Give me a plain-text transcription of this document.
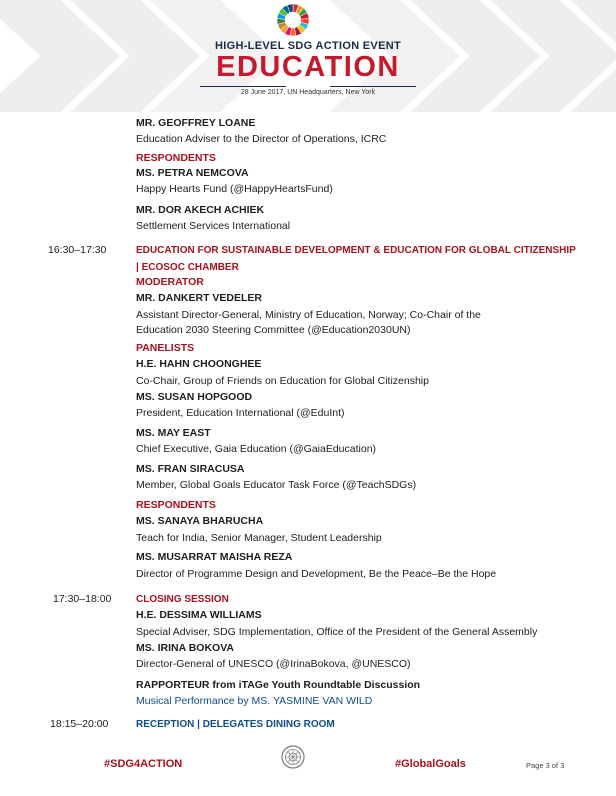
HIGH-LEVEL SDG ACTION EVENT
EDUCATION
28 June 2017, UN Headquarters, New York
MR. GEOFFREY LOANE
Education Adviser to the Director of Operations, ICRC
RESPONDENTS
MS. PETRA NEMCOVA
Happy Hearts Fund (@HappyHeartsFund)
MR. DOR AKECH ACHIEK
Settlement Services International
16:30–17:30	EDUCATION FOR SUSTAINABLE DEVELOPMENT & EDUCATION FOR GLOBAL CITIZENSHIP
| ECOSOC CHAMBER
MODERATOR
MR. DANKERT VEDELER
Assistant Director-General, Ministry of Education, Norway; Co-Chair of the
Education 2030 Steering Committee (@Education2030UN)
PANELISTS
H.E. HAHN CHOONGHEE
Co-Chair, Group of Friends on Education for Global Citizenship
MS. SUSAN HOPGOOD
President, Education International (@EduInt)
MS. MAY EAST
Chief Executive, Gaia Education (@GaiaEducation)
MS. FRAN SIRACUSA
Member, Global Goals Educator Task Force (@TeachSDGs)
RESPONDENTS
MS. SANAYA BHARUCHA
Teach for India, Senior Manager, Student Leadership
MS. MUSARRAT MAISHA REZA
Director of Programme Design and Development, Be the Peace–Be the Hope
17:30–18:00 CLOSING SESSION
H.E. DESSIMA WILLIAMS
Special Adviser, SDG Implementation, Office of the President of the General Assembly
MS. IRINA BOKOVA
Director-General of UNESCO (@IrinaBokova, @UNESCO)
RAPPORTEUR from iTAGe Youth Roundtable Discussion
Musical Performance by MS. YASMINE VAN WILD
18:15–20:00	RECEPTION | DELEGATES DINING ROOM
#SDG4ACTION	#GlobalGoals	Page 3 of 3
